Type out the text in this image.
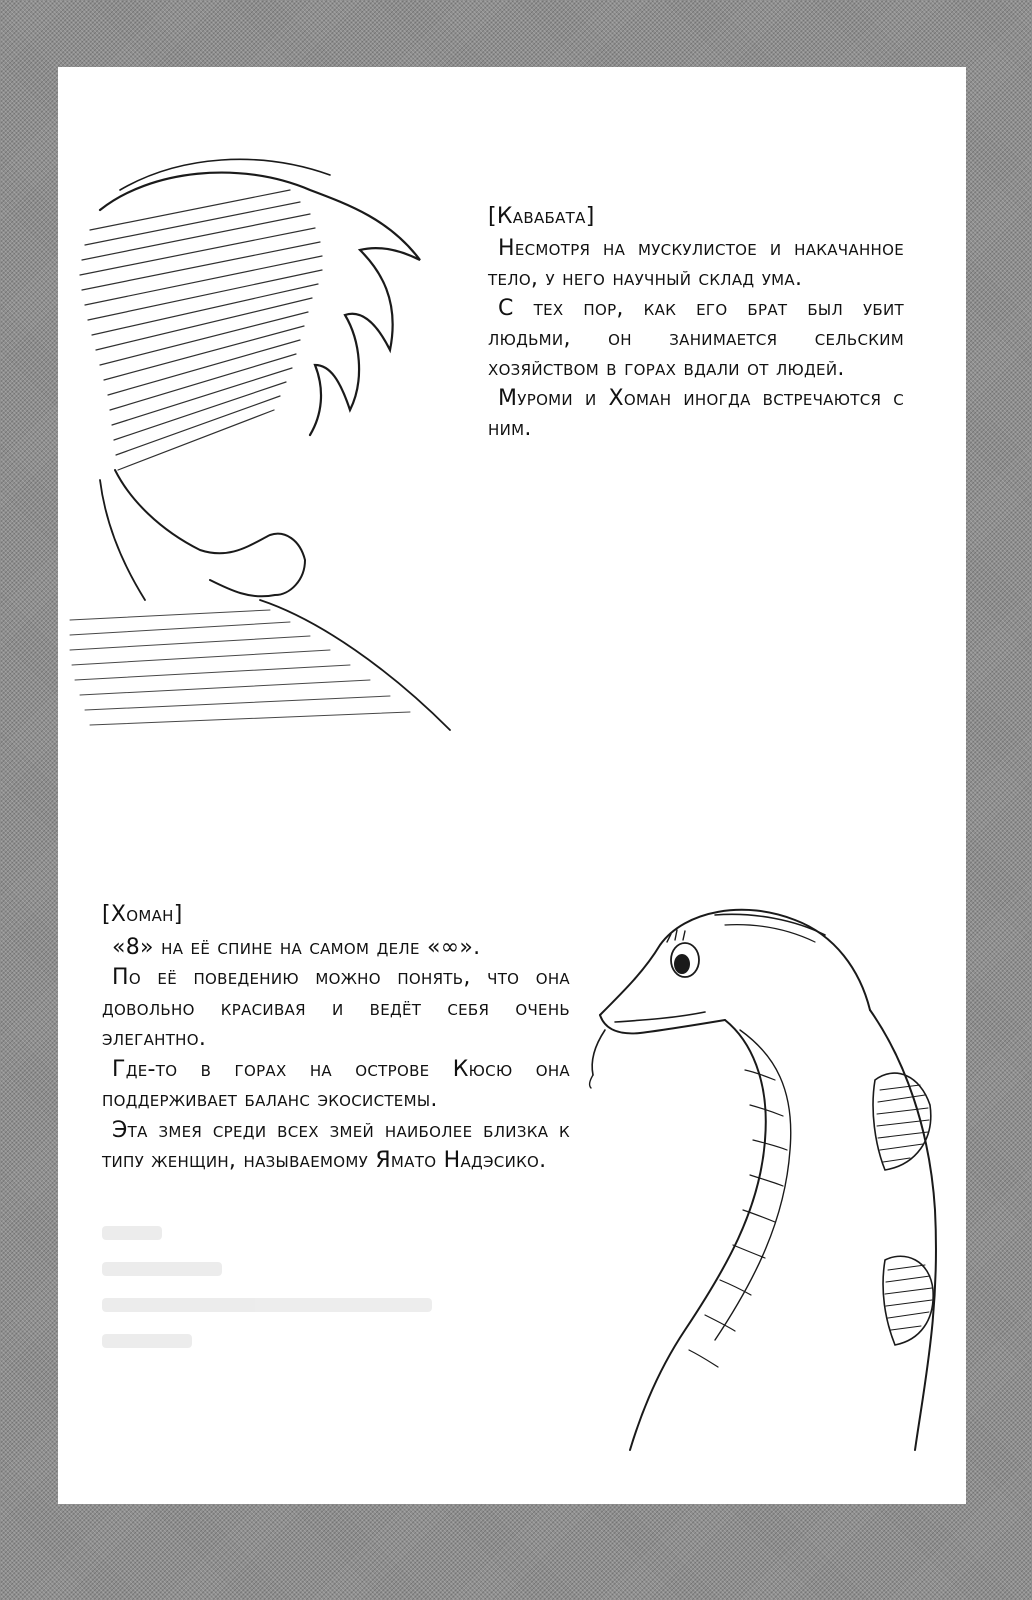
[Кавабата]

Несмотря на мускулистое и накачанное тело, у него научный склад ума.

С тех пор, как его брат был убит людьми, он занимается сельским хозяйством в горах вдали от людей.

Муроми и Хоман иногда встречаются с ним.

[Хоман]

«8» на её спине на самом деле «∞».

По её поведению можно понять, что она довольно красивая и ведёт себя очень элегантно.

Где-то в горах на острове Кюсю она поддерживает баланс экосистемы.

Эта змея среди всех змей наиболее близка к типу женщин, называемому Ямато Надэсико.
